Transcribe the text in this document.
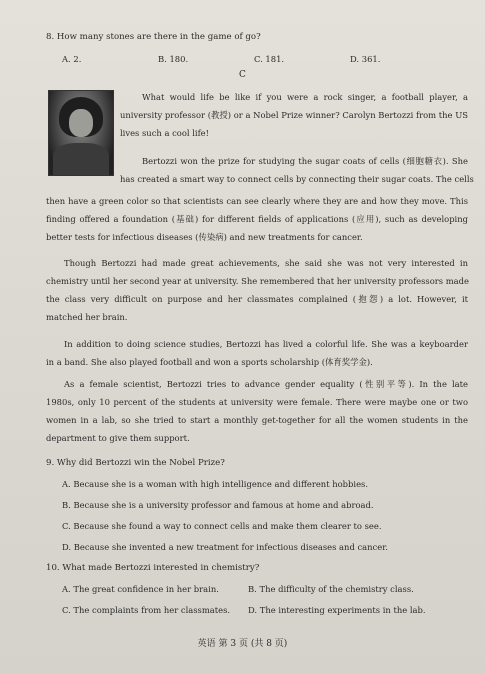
8. How many stones are there in the game of go?
A. 2.	B. 180.	C. 181.	D. 361.
C
What would life be like if you were a rock singer, a football player, a
university professor (教授) or a Nobel Prize winner? Carolyn Bertozzi from the US
lives such a cool life!
Bertozzi won the prize for studying the sugar coats of cells (细胞糖衣). She
has created a smart way to connect cells by connecting their sugar coats. The cells
then have a green color so that scientists can see clearly where they are and how they move. This
finding offered a foundation (基础) for different fields of applications (应用), such as developing
better tests for infectious diseases (传染病) and new treatments for cancer.
Though Bertozzi had made great achievements, she said she was not very interested in
chemistry until her second year at university. She remembered that her university professors made
the class very difficult on purpose and her classmates complained (抱怨) a lot. However, it
matched her brain.
In addition to doing science studies, Bertozzi has lived a colorful life. She was a keyboarder
in a band. She also played football and won a sports scholarship (体育奖学金).
As a female scientist, Bertozzi tries to advance gender equality (性别平等). In the late
1980s, only 10 percent of the students at university were female. There were maybe one or two
women in a lab, so she tried to start a monthly get-together for all the women students in the
department to give them support.
9. Why did Bertozzi win the Nobel Prize?
A. Because she is a woman with high intelligence and different hobbies.
B. Because she is a university professor and famous at home and abroad.
C. Because she found a way to connect cells and make them clearer to see.
D. Because she invented a new treatment for infectious diseases and cancer.
10. What made Bertozzi interested in chemistry?
A. The great confidence in her brain.	B. The difficulty of the chemistry class.
C. The complaints from her classmates. D. The interesting experiments in the lab.
英语 第 3 页 (共 8 页)
